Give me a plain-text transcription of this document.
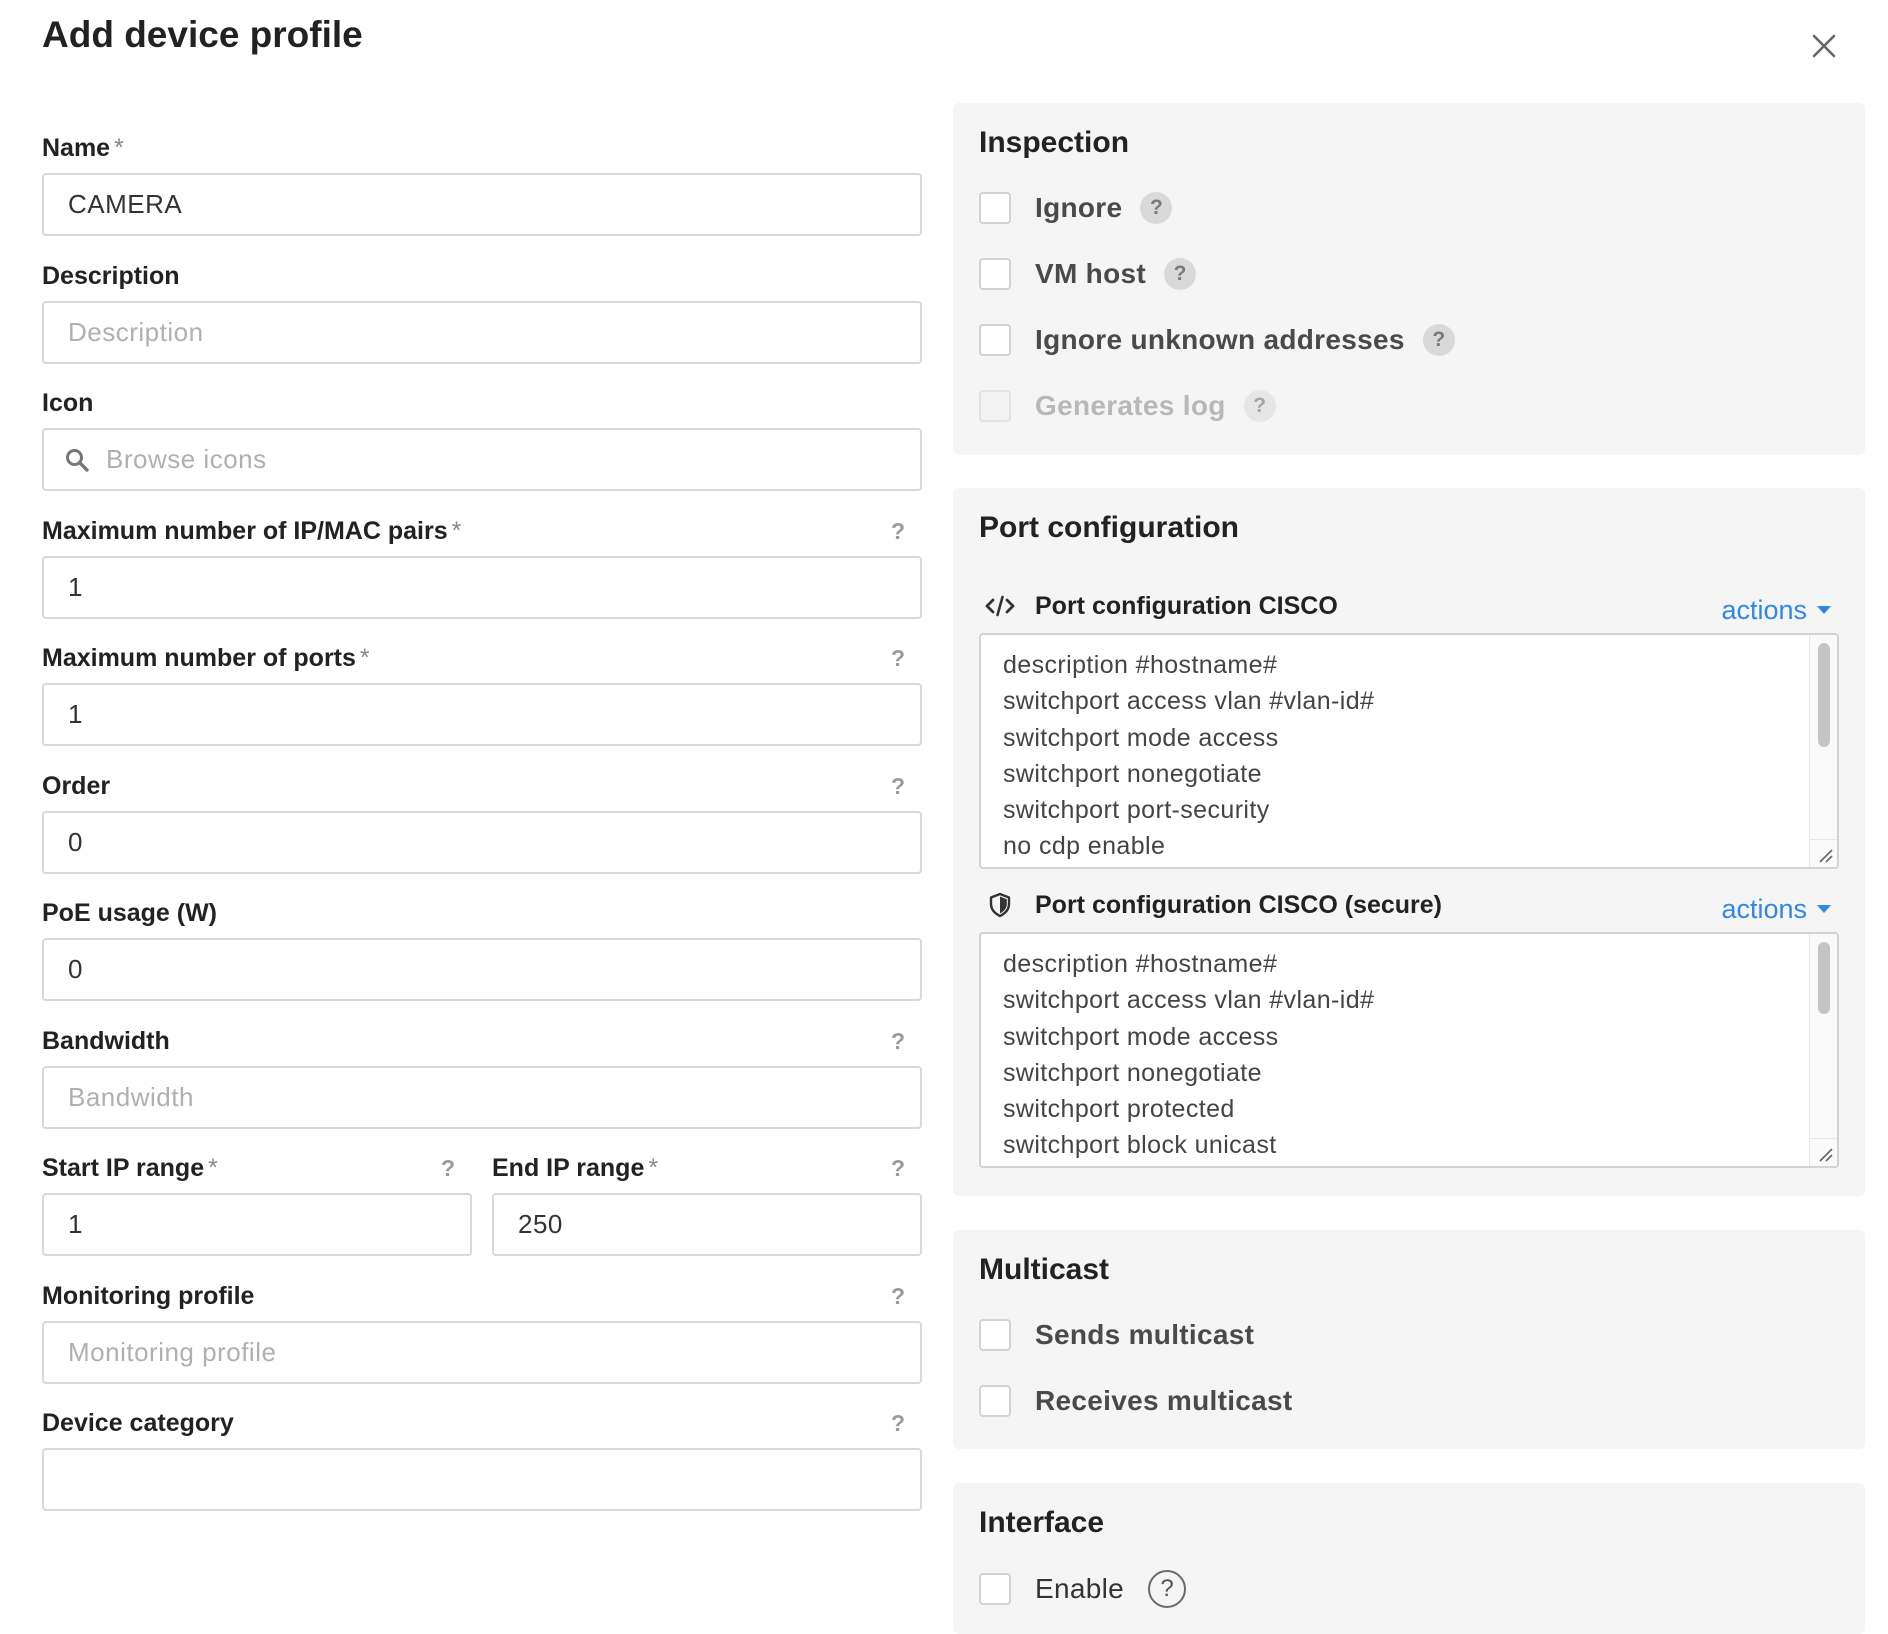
Add device profile
Name *
CAMERA
Description
Description
Icon
Browse icons
Maximum number of IP/MAC pairs *	?
1
Maximum number of ports *	?
1
Order	?
0
PoE usage (W)
0
Bandwidth	?
Bandwidth
Start IP range *	?
1 End IP range *	?
250
Monitoring profile	?
Monitoring profile
Device category	?
Inspection
Ignore	?
VM host	?
Ignore unknown addresses	?
Generates log	?
Port configuration
Port configuration CISCO	actions
description #hostname#
switchport access vlan #vlan-id#
switchport mode access
switchport nonegotiate
switchport port-security
no cdp enable
Port configuration CISCO (secure)	actions
description #hostname#
switchport access vlan #vlan-id#
switchport mode access
switchport nonegotiate
switchport protected
switchport block unicast
Multicast
Sends multicast
Receives multicast
Interface
Enable	?
